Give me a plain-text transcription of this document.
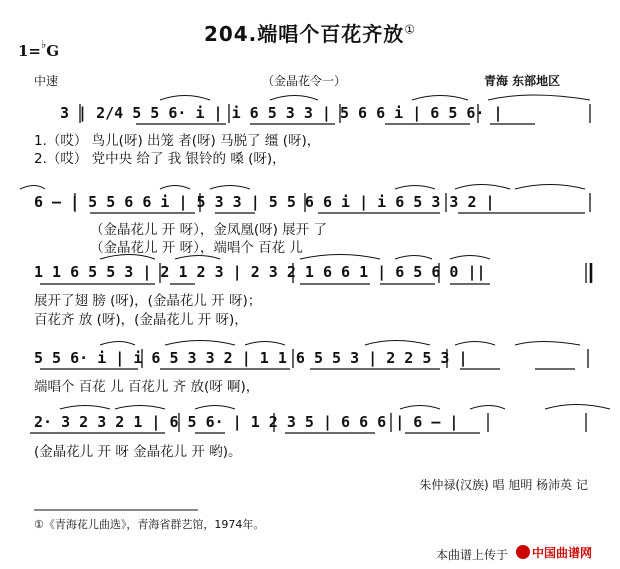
204.端唱个百花齐放①
1=♭G
中速	（金晶花令一）	青海 东部地区
3 | 2/4 5 5 6· i | i 6 5 3 3 | 5 6 6 i | 6 5 6· |
1.（哎） 鸟儿(呀) 出笼 者(呀) 马脱了 缰 (呀)，
2.（哎） 党中央 给了 我 银铃的 嗓 (呀)，
6 — | 5 5 6 6 i | 5 3 3 | 5 5 6 6 i | i 6 5 3 3 2 |
（金晶花儿 开 呀），金凤凰(呀) 展开 了
（金晶花儿 开 呀），端唱个 百花 儿
1 1 6 5 5 3 | 2 1 2 3 | 2 3 2 1 6 6 1 | 6 5 6 0 ||
展开了翅 膀 (呀)，(金晶花儿 开 呀)；
百花齐 放 (呀)，(金晶花儿 开 呀)，
5 5 6· i | i 6 5 3 3 2 | 1 1 6 5 5 3 | 2 2 5 3 |
端唱个 百花 儿 百花儿 齐 放(呀 啊)，
2· 3 2 3 2 1 | 6 5 6· | 1 2 3 5 | 6 6 6 | 6 — |
(金晶花儿 开 呀 金晶花儿 开 哟)。
朱仲禄(汉族) 唱 旭明 杨沛英 记
①《青海花儿曲选》，青海省群艺馆，1974年。
本曲谱上传于	中国曲谱网
